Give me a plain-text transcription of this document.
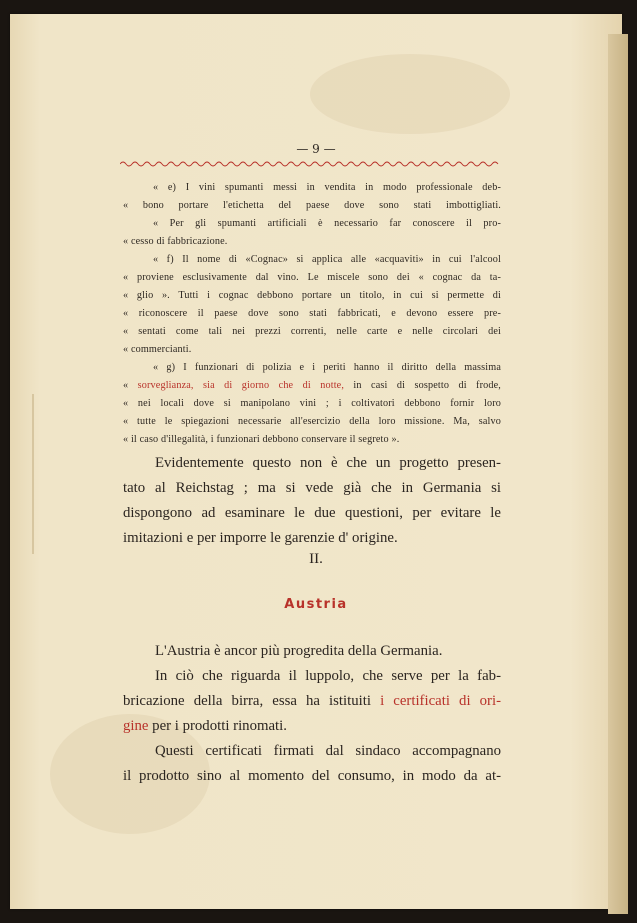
— 9 —

« e) I vini spumanti messi in vendita in modo professionale deb-

« bono portare l'etichetta del paese dove sono stati imbottigliati.

« Per gli spumanti artificiali è necessario far conoscere il pro-

« cesso di fabbricazione.

« f) Il nome di «Cognac» si applica alle «acquaviti» in cui l'alcool

« proviene esclusivamente dal vino. Le miscele sono dei « cognac da ta-

« glio ». Tutti i cognac debbono portare un titolo, in cui si permette di

« riconoscere il paese dove sono stati fabbricati, e devono essere pre-

« sentati come tali nei prezzi correnti, nelle carte e nelle circolari dei

« commercianti.

« g) I funzionari di polizia e i periti hanno il diritto della massima

« sorveglianza, sia di giorno che di notte, in casi di sospetto di frode,

« nei locali dove si manipolano vini ; i coltivatori debbono fornir loro

« tutte le spiegazioni necessarie all'esercizio della loro missione. Ma, salvo

« il caso d'illegalità, i funzionari debbono conservare il segreto ».

Evidentemente questo non è che un progetto presen-

tato al Reichstag ; ma si vede già che in Germania si

dispongono ad esaminare le due questioni, per evitare le

imitazioni e per imporre le garenzie d' origine.

II.
Austria

L'Austria è ancor più progredita della Germania.

In ciò che riguarda il luppolo, che serve per la fab-

bricazione della birra, essa ha istituiti i certificati di ori-

gine per i prodotti rinomati.

Questi certificati firmati dal sindaco accompagnano

il prodotto sino al momento del consumo, in modo da at-
